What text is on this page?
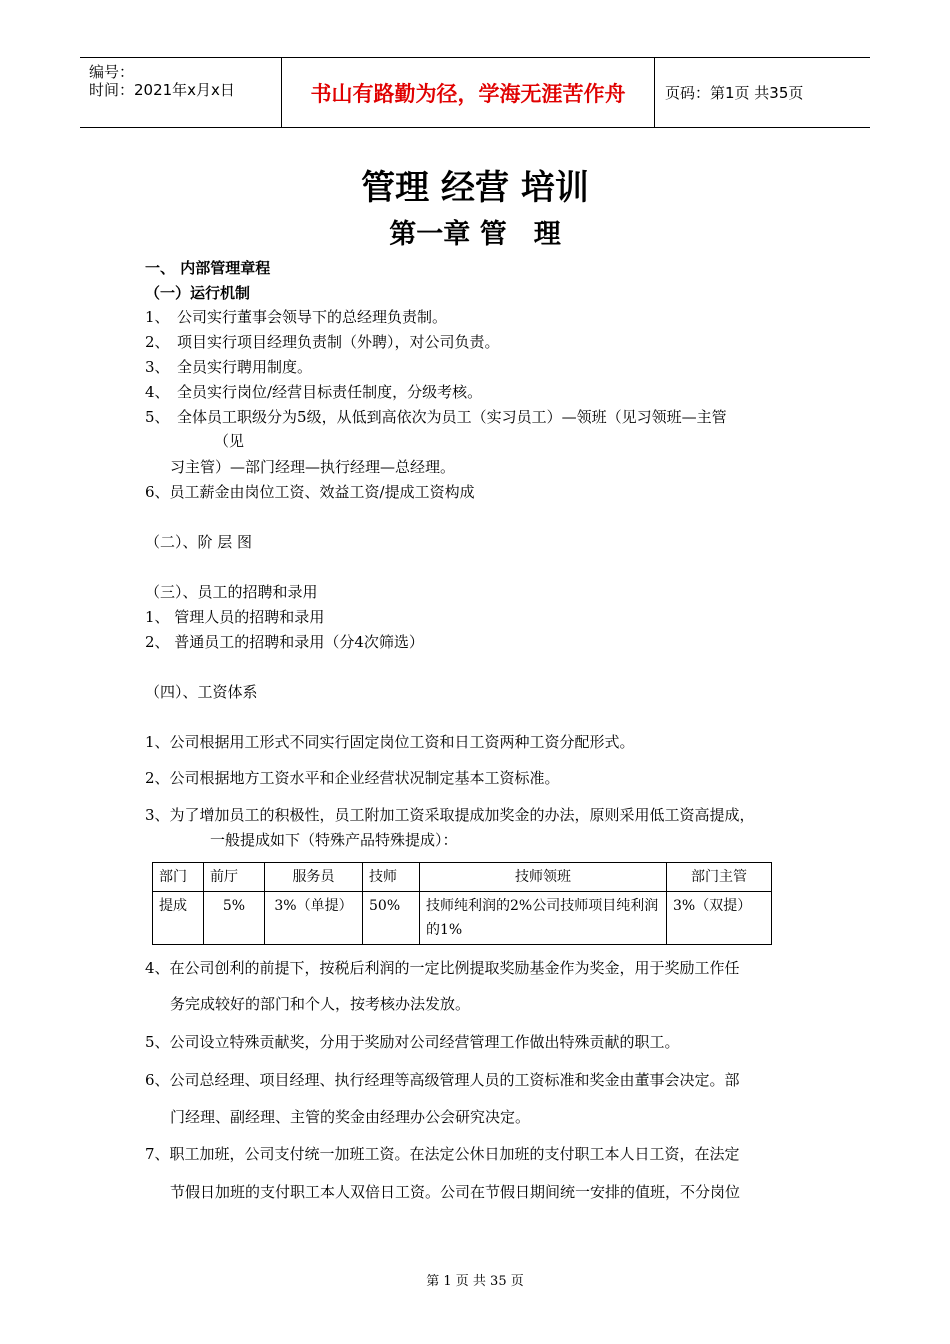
编号：
时间：2021年x月x日	书山有路勤为径，学海无涯苦作舟	页码：第1页 共35页
管理 经营 培训
第一章 管　理
一、 内部管理章程
（一）运行机制
1、　公司实行董事会领导下的总经理负责制。
2、　项目实行项目经理负责制（外聘），对公司负责。
3、　全员实行聘用制度。
4、　全员实行岗位/经营目标责任制度，分级考核。
5、　全体员工职级分为5级，从低到高依次为员工（实习员工）—领班（见习领班—主管
（见
习主管）—部门经理—执行经理—总经理。
6、员工薪金由岗位工资、效益工资/提成工资构成
（二）、阶 层 图
（三）、员工的招聘和录用
1、 管理人员的招聘和录用
2、 普通员工的招聘和录用（分4次筛选）
（四）、工资体系
1、公司根据用工形式不同实行固定岗位工资和日工资两种工资分配形式。
2、公司根据地方工资水平和企业经营状况制定基本工资标准。
3、为了增加员工的积极性，员工附加工资采取提成加奖金的办法，原则采用低工资高提成，
一般提成如下（特殊产品特殊提成）：
部门	前厅	服务员	技师	技师领班	部门主管
提成	5%	3%（单提）	50%	技师纯利润的2%公司技师项目纯利润的1%	3%（双提）
4、在公司创利的前提下，按税后利润的一定比例提取奖励基金作为奖金，用于奖励工作任
务完成较好的部门和个人，按考核办法发放。
5、公司设立特殊贡献奖，分用于奖励对公司经营管理工作做出特殊贡献的职工。
6、公司总经理、项目经理、执行经理等高级管理人员的工资标准和奖金由董事会决定。部
门经理、副经理、主管的奖金由经理办公会研究决定。
7、职工加班，公司支付统一加班工资。在法定公休日加班的支付职工本人日工资，在法定
节假日加班的支付职工本人双倍日工资。公司在节假日期间统一安排的值班，不分岗位
第 1 页 共 35 页
